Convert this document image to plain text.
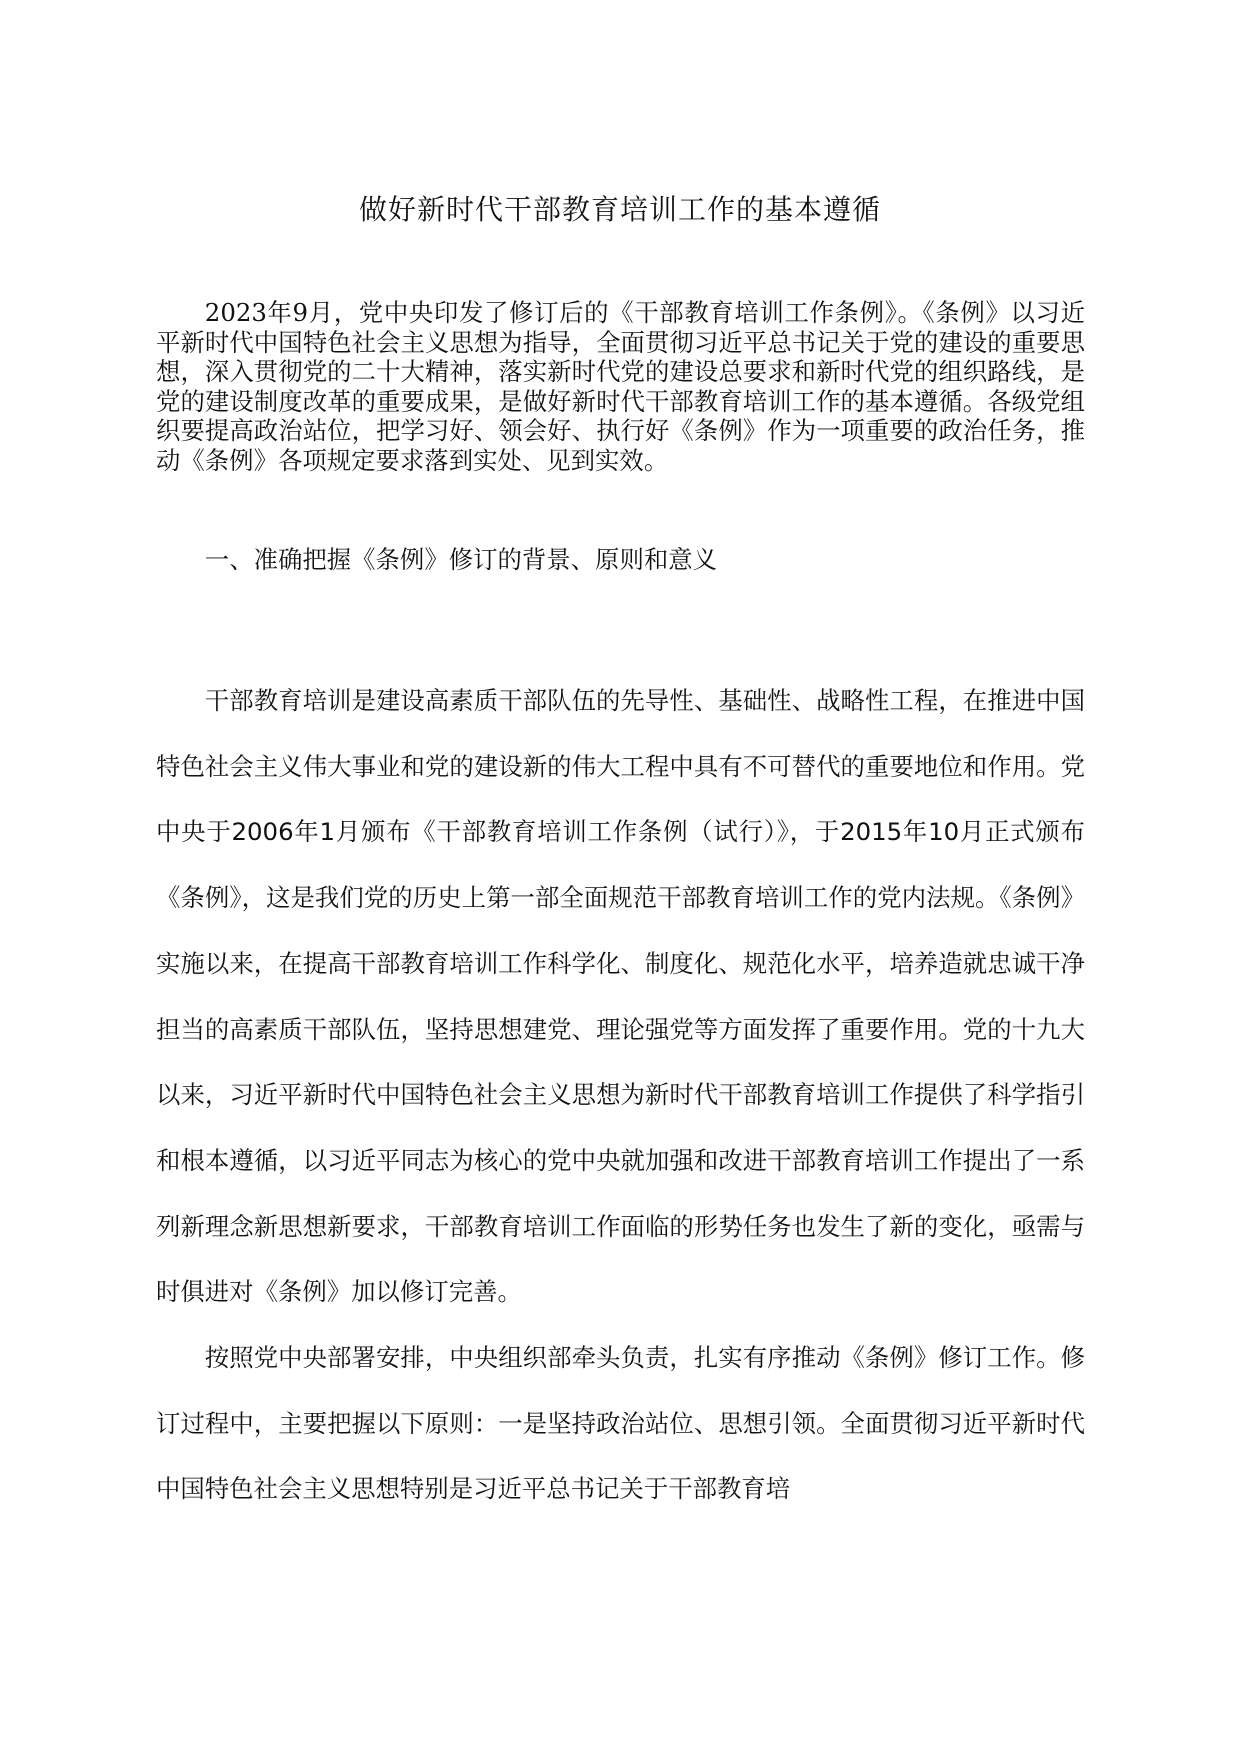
做好新时代干部教育培训工作的基本遵循

2023年9月，党中央印发了修订后的《干部教育培训工作条例》。《条例》以习近平新时代中国特色社会主义思想为指导，全面贯彻习近平总书记关于党的建设的重要思想，深入贯彻党的二十大精神，落实新时代党的建设总要求和新时代党的组织路线，是党的建设制度改革的重要成果，是做好新时代干部教育培训工作的基本遵循。各级党组织要提高政治站位，把学习好、领会好、执行好《条例》作为一项重要的政治任务，推动《条例》各项规定要求落到实处、见到实效。

一、准确把握《条例》修订的背景、原则和意义

干部教育培训是建设高素质干部队伍的先导性、基础性、战略性工程，在推进中国特色社会主义伟大事业和党的建设新的伟大工程中具有不可替代的重要地位和作用。党中央于2006年1月颁布《干部教育培训工作条例（试行）》，于2015年10月正式颁布《条例》，这是我们党的历史上第一部全面规范干部教育培训工作的党内法规。《条例》实施以来，在提高干部教育培训工作科学化、制度化、规范化水平，培养造就忠诚干净担当的高素质干部队伍，坚持思想建党、理论强党等方面发挥了重要作用。党的十九大以来，习近平新时代中国特色社会主义思想为新时代干部教育培训工作提供了科学指引和根本遵循，以习近平同志为核心的党中央就加强和改进干部教育培训工作提出了一系列新理念新思想新要求，干部教育培训工作面临的形势任务也发生了新的变化，亟需与时俱进对《条例》加以修订完善。

按照党中央部署安排，中央组织部牵头负责，扎实有序推动《条例》修订工作。修订过程中，主要把握以下原则：一是坚持政治站位、思想引领。全面贯彻习近平新时代中国特色社会主义思想特别是习近平总书记关于干部教育培
